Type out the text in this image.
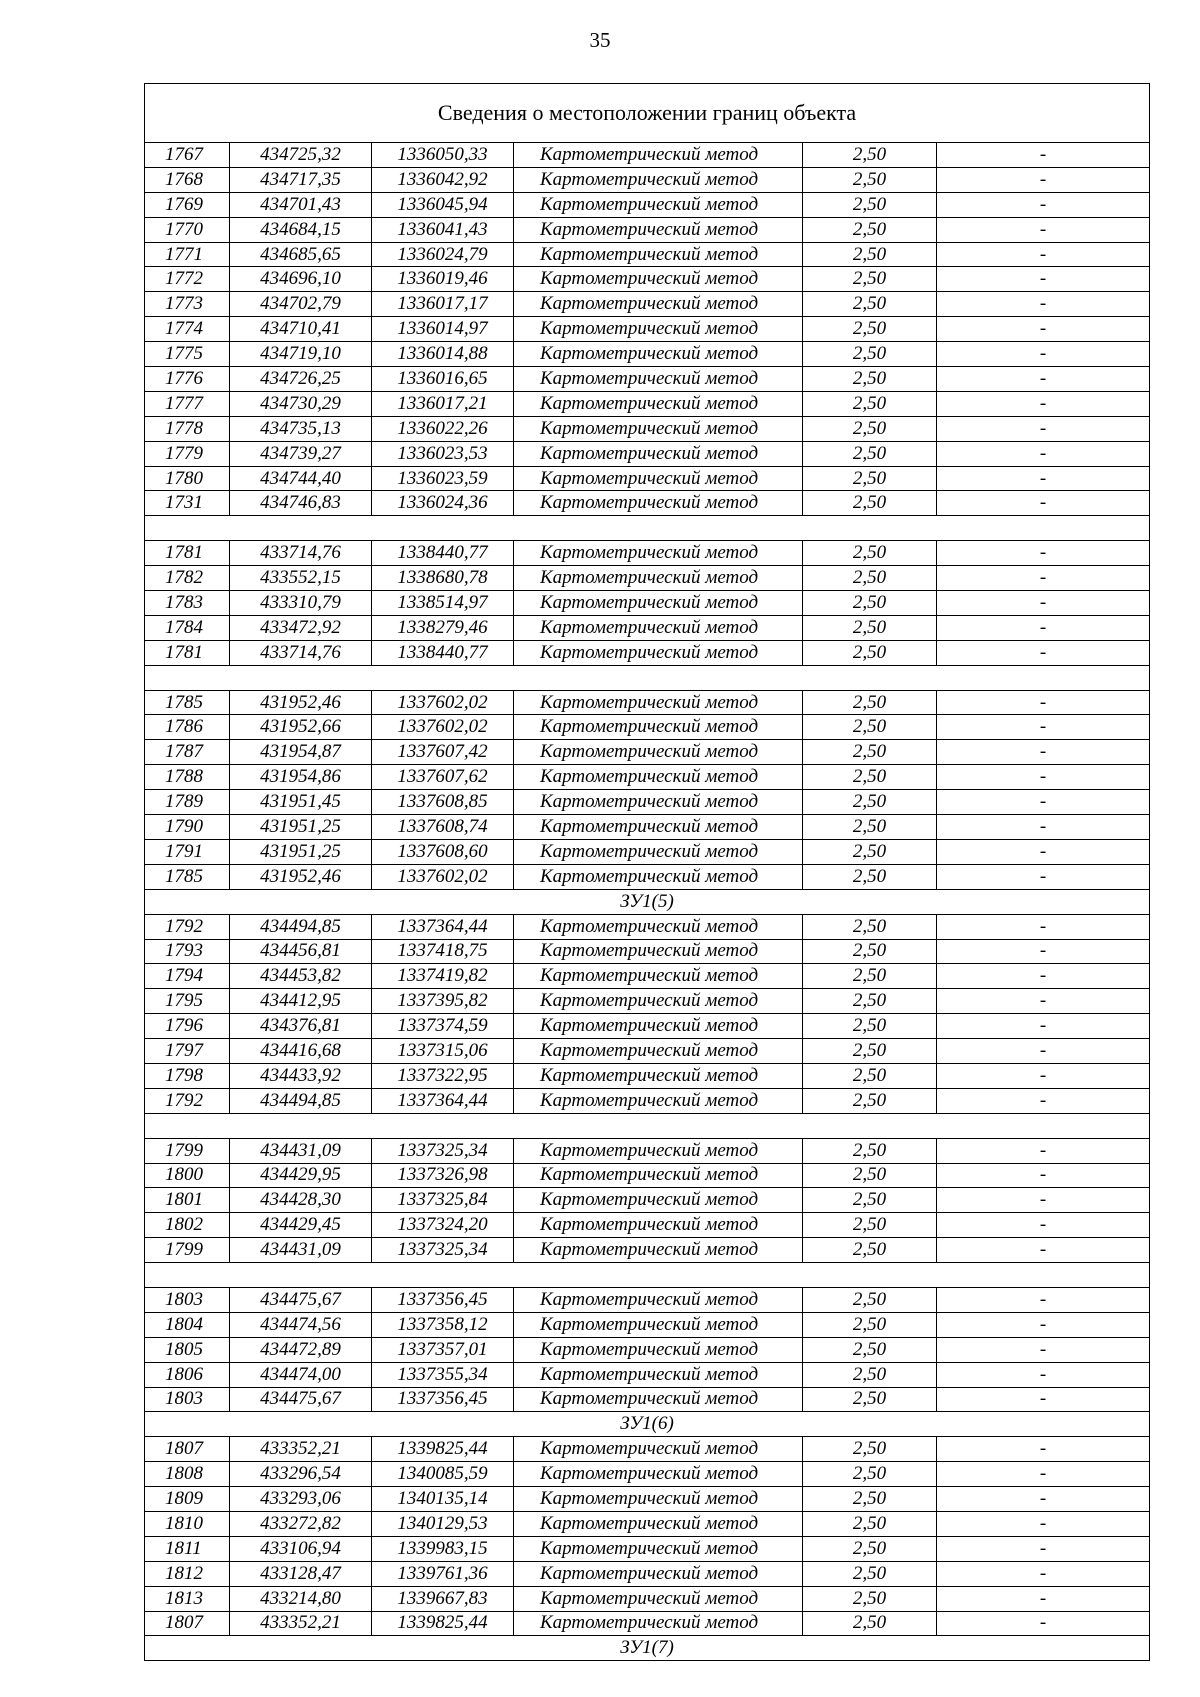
35
Сведения о местоположении границ объекта					
1767	434725,32	1336050,33	Картометрический метод	2,50	-
1768	434717,35	1336042,92	Картометрический метод	2,50	-
1769	434701,43	1336045,94	Картометрический метод	2,50	-
1770	434684,15	1336041,43	Картометрический метод	2,50	-
1771	434685,65	1336024,79	Картометрический метод	2,50	-
1772	434696,10	1336019,46	Картометрический метод	2,50	-
1773	434702,79	1336017,17	Картометрический метод	2,50	-
1774	434710,41	1336014,97	Картометрический метод	2,50	-
1775	434719,10	1336014,88	Картометрический метод	2,50	-
1776	434726,25	1336016,65	Картометрический метод	2,50	-
1777	434730,29	1336017,21	Картометрический метод	2,50	-
1778	434735,13	1336022,26	Картометрический метод	2,50	-
1779	434739,27	1336023,53	Картометрический метод	2,50	-
1780	434744,40	1336023,59	Картометрический метод	2,50	-
1731	434746,83	1336024,36	Картометрический метод	2,50	-

1781	433714,76	1338440,77	Картометрический метод	2,50	-
1782	433552,15	1338680,78	Картометрический метод	2,50	-
1783	433310,79	1338514,97	Картометрический метод	2,50	-
1784	433472,92	1338279,46	Картометрический метод	2,50	-
1781	433714,76	1338440,77	Картометрический метод	2,50	-

1785	431952,46	1337602,02	Картометрический метод	2,50	-
1786	431952,66	1337602,02	Картометрический метод	2,50	-
1787	431954,87	1337607,42	Картометрический метод	2,50	-
1788	431954,86	1337607,62	Картометрический метод	2,50	-
1789	431951,45	1337608,85	Картометрический метод	2,50	-
1790	431951,25	1337608,74	Картометрический метод	2,50	-
1791	431951,25	1337608,60	Картометрический метод	2,50	-
1785	431952,46	1337602,02	Картометрический метод	2,50	-
ЗУ1(5)					
1792	434494,85	1337364,44	Картометрический метод	2,50	-
1793	434456,81	1337418,75	Картометрический метод	2,50	-
1794	434453,82	1337419,82	Картометрический метод	2,50	-
1795	434412,95	1337395,82	Картометрический метод	2,50	-
1796	434376,81	1337374,59	Картометрический метод	2,50	-
1797	434416,68	1337315,06	Картометрический метод	2,50	-
1798	434433,92	1337322,95	Картометрический метод	2,50	-
1792	434494,85	1337364,44	Картометрический метод	2,50	-

1799	434431,09	1337325,34	Картометрический метод	2,50	-
1800	434429,95	1337326,98	Картометрический метод	2,50	-
1801	434428,30	1337325,84	Картометрический метод	2,50	-
1802	434429,45	1337324,20	Картометрический метод	2,50	-
1799	434431,09	1337325,34	Картометрический метод	2,50	-

1803	434475,67	1337356,45	Картометрический метод	2,50	-
1804	434474,56	1337358,12	Картометрический метод	2,50	-
1805	434472,89	1337357,01	Картометрический метод	2,50	-
1806	434474,00	1337355,34	Картометрический метод	2,50	-
1803	434475,67	1337356,45	Картометрический метод	2,50	-
ЗУ1(6)					
1807	433352,21	1339825,44	Картометрический метод	2,50	-
1808	433296,54	1340085,59	Картометрический метод	2,50	-
1809	433293,06	1340135,14	Картометрический метод	2,50	-
1810	433272,82	1340129,53	Картометрический метод	2,50	-
1811	433106,94	1339983,15	Картометрический метод	2,50	-
1812	433128,47	1339761,36	Картометрический метод	2,50	-
1813	433214,80	1339667,83	Картометрический метод	2,50	-
1807	433352,21	1339825,44	Картометрический метод	2,50	-
ЗУ1(7)					
